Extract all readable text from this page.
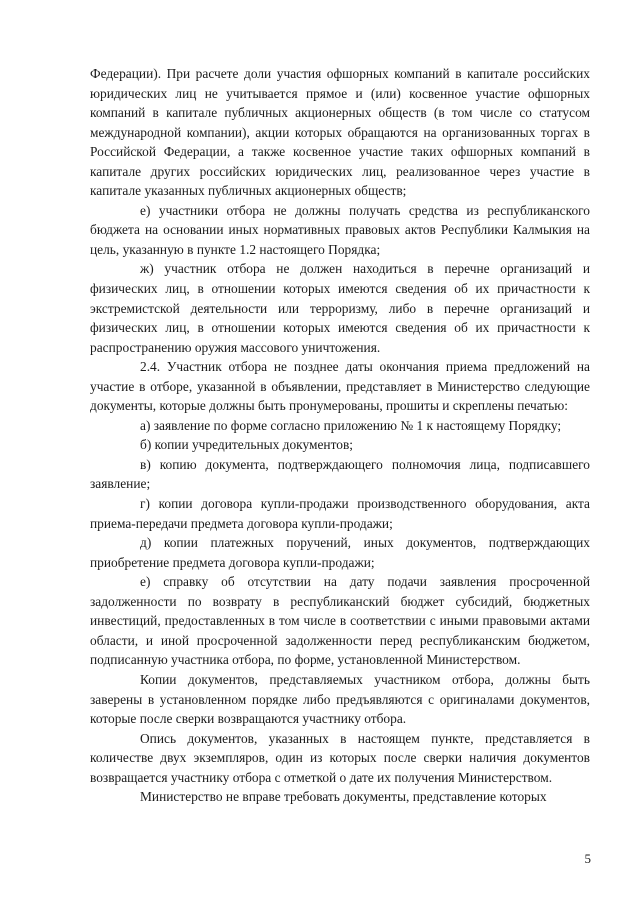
Федерации). При расчете доли участия офшорных компаний в капитале российских юридических лиц не учитывается прямое и (или) косвенное участие офшорных компаний в капитале публичных акционерных обществ (в том числе со статусом международной компании), акции которых обращаются на организованных торгах в Российской Федерации, а также косвенное участие таких офшорных компаний в капитале других российских юридических лиц, реализованное через участие в капитале указанных публичных акционерных обществ;

е) участники отбора не должны получать средства из республиканского бюджета на основании иных нормативных правовых актов Республики Калмыкия на цель, указанную в пункте 1.2 настоящего Порядка;

ж) участник отбора не должен находиться в перечне организаций и физических лиц, в отношении которых имеются сведения об их причастности к экстремистской деятельности или терроризму, либо в перечне организаций и физических лиц, в отношении которых имеются сведения об их причастности к распространению оружия массового уничтожения.

2.4. Участник отбора не позднее даты окончания приема предложений на участие в отборе, указанной в объявлении, представляет в Министерство следующие документы, которые должны быть пронумерованы, прошиты и скреплены печатью:

а) заявление по форме согласно приложению № 1 к настоящему Порядку;

б) копии учредительных документов;

в) копию документа, подтверждающего полномочия лица, подписавшего заявление;

г) копии договора купли-продажи производственного оборудования, акта приема-передачи предмета договора купли-продажи;

д) копии платежных поручений, иных документов, подтверждающих приобретение предмета договора купли-продажи;

е) справку об отсутствии на дату подачи заявления просроченной задолженности по возврату в республиканский бюджет субсидий, бюджетных инвестиций, предоставленных в том числе в соответствии с иными правовыми актами области, и иной просроченной задолженности перед республиканским бюджетом, подписанную участника отбора, по форме, установленной Министерством.

Копии документов, представляемых участником отбора, должны быть заверены в установленном порядке либо предъявляются с оригиналами документов, которые после сверки возвращаются участнику отбора.

Опись документов, указанных в настоящем пункте, представляется в количестве двух экземпляров, один из которых после сверки наличия документов возвращается участнику отбора с отметкой о дате их получения Министерством.

Министерство не вправе требовать документы, представление которых

5
